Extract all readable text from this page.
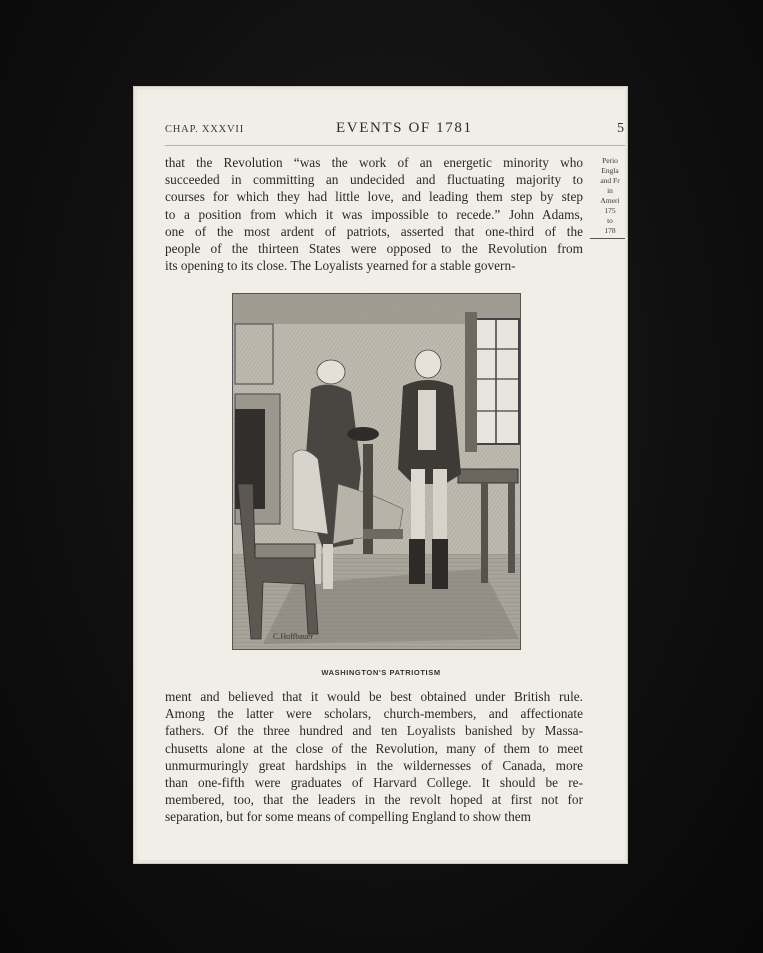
CHAP. XXXVII	EVENTS OF 1781	5
that the Revolution “was the work of an energetic minority who
succeeded in committing an undecided and fluctuating majority to
courses for which they had little love, and leading them step by step
to a position from which it was impossible to recede.” John Adams,
one of the most ardent of patriots, asserted that one-third of the
people of the thirteen States were opposed to the Revolution from
its opening to its close. The Loyalists yearned for a stable govern-
Perio
Engla
and Fr
in
Ameri
175
to
178
C.Hoffbauer
WASHINGTON'S PATRIOTISM
ment and believed that it would be best obtained under British rule.
Among the latter were scholars, church-members, and affectionate
fathers. Of the three hundred and ten Loyalists banished by Massa-
chusetts alone at the close of the Revolution, many of them to meet
unmurmuringly great hardships in the wildernesses of Canada, more
than one-fifth were graduates of Harvard College. It should be re-
membered, too, that the leaders in the revolt hoped at first not for
separation, but for some means of compelling England to show them
